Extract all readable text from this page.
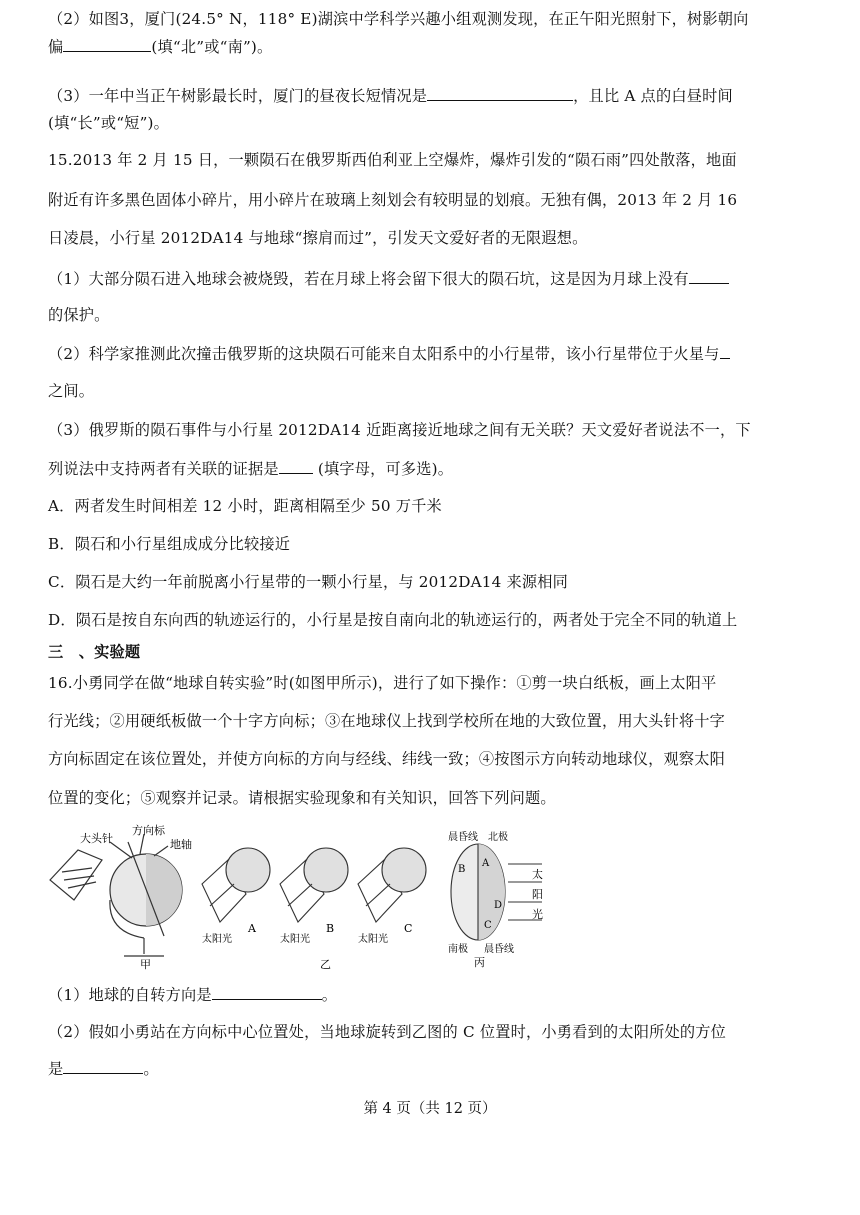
（2）如图3，厦门(24.5° N，118° E)湖滨中学科学兴趣小组观测发现，在正午阳光照射下，树影朝向
偏	(填“北”或“南”)。
（3）一年中当正午树影最长时，厦门的昼夜长短情况是	，且比 A 点的白昼时间
(填“长”或“短”)。
15.2013 年 2 月 15 日，一颗陨石在俄罗斯西伯利亚上空爆炸，爆炸引发的“陨石雨”四处散落，地面
附近有许多黑色固体小碎片，用小碎片在玻璃上刻划会有较明显的划痕。无独有偶，2013 年 2 月 16
日凌晨，小行星 2012DA14 与地球“擦肩而过”，引发天文爱好者的无限遐想。
（1）大部分陨石进入地球会被烧毁，若在月球上将会留下很大的陨石坑，这是因为月球上没有
的保护。
（2）科学家推测此次撞击俄罗斯的这块陨石可能来自太阳系中的小行星带，该小行星带位于火星与
之间。
（3）俄罗斯的陨石事件与小行星 2012DA14 近距离接近地球之间有无关联？天文爱好者说法不一，下
列说法中支持两者有关联的证据是 (填字母，可多选)。
A．两者发生时间相差 12 小时，距离相隔至少 50 万千米
B．陨石和小行星组成成分比较接近
C．陨石是大约一年前脱离小行星带的一颗小行星，与 2012DA14 来源相同
D．陨石是按自东向西的轨迹运行的，小行星是按自南向北的轨迹运行的，两者处于完全不同的轨道上
三　、实验题
16.小勇同学在做“地球自转实验”时(如图甲所示)，进行了如下操作：①剪一块白纸板，画上太阳平
行光线；②用硬纸板做一个十字方向标；③在地球仪上找到学校所在地的大致位置，用大头针将十字
方向标固定在该位置处，并使方向标的方向与经线、纬线一致；④按图示方向转动地球仪，观察太阳
位置的变化；⑤观察并记录。请根据实验现象和有关知识，回答下列问题。
（1）地球的自转方向是	。
（2）假如小勇站在方向标中心位置处，当地球旋转到乙图的 C 位置时，小勇看到的太阳所处的方位
是	。
大头针
方向标
地轴
甲
太阳光	太阳光	太阳光
A	B	C
乙
晨昏线 北极
南极 晨昏线
B
A
D
C
太
阳
光
丙
第 4 页（共 12 页）
